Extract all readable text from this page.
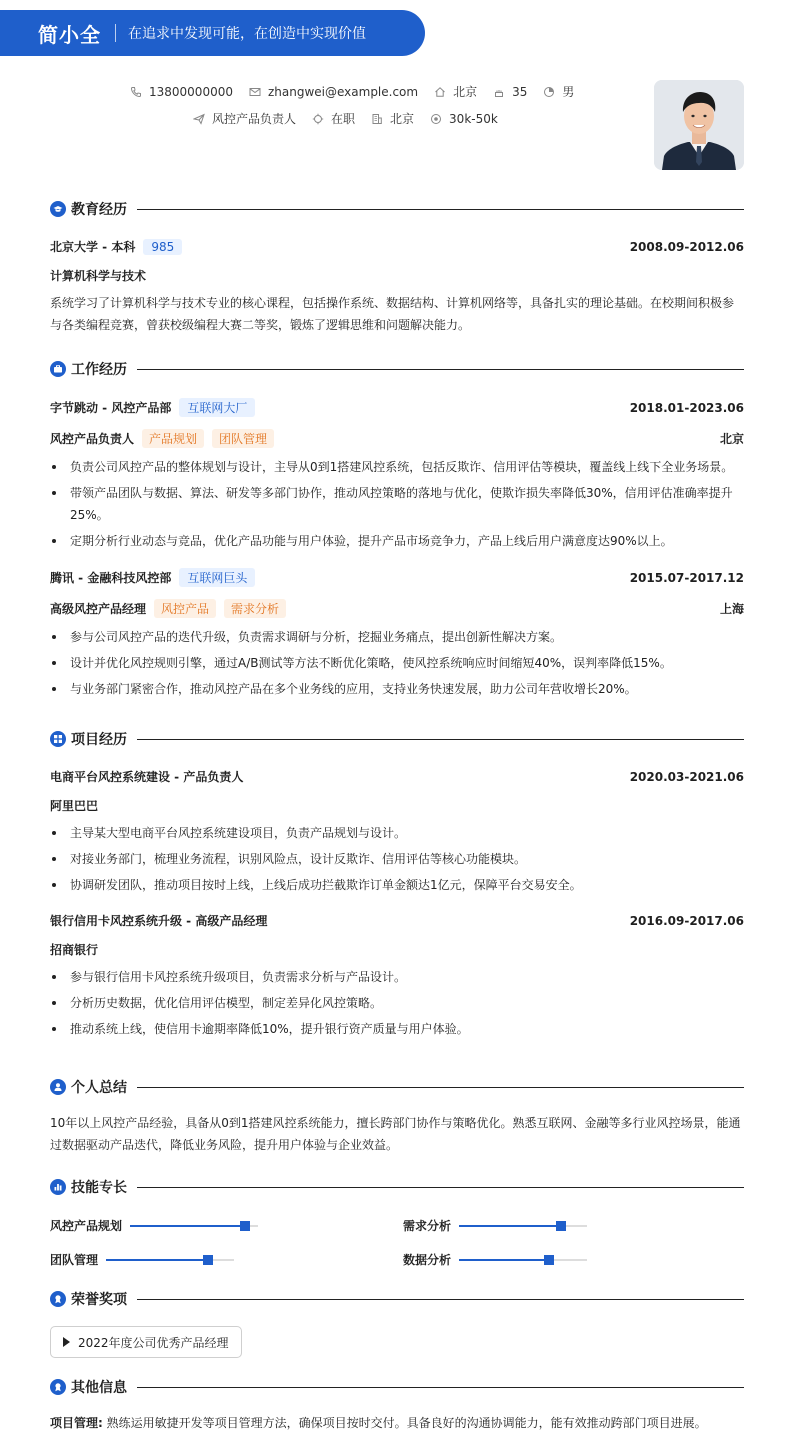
简小全 在追求中发现可能，在创造中实现价值
13800000000	zhangwei@example.com	北京	35	男
风控产品负责人	在职	北京	30k-50k
教育经历
北京大学 - 本科	985	2008.09-2012.06
计算机科学与技术
系统学习了计算机科学与技术专业的核心课程，包括操作系统、数据结构、计算机网络等，具备扎实的理论基础。在校期间积极参与各类编程竞赛，曾获校级编程大赛二等奖，锻炼了逻辑思维和问题解决能力。
工作经历
字节跳动 - 风控产品部	互联网大厂	2018.01-2023.06
风控产品负责人	产品规划	团队管理	北京
负责公司风控产品的整体规划与设计，主导从0到1搭建风控系统，包括反欺诈、信用评估等模块，覆盖线上线下全业务场景。
带领产品团队与数据、算法、研发等多部门协作，推动风控策略的落地与优化，使欺诈损失率降低30%，信用评估准确率提升25%。
定期分析行业动态与竞品，优化产品功能与用户体验，提升产品市场竞争力，产品上线后用户满意度达90%以上。
腾讯 - 金融科技风控部	互联网巨头	2015.07-2017.12
高级风控产品经理	风控产品	需求分析	上海
参与公司风控产品的迭代升级，负责需求调研与分析，挖掘业务痛点，提出创新性解决方案。
设计并优化风控规则引擎，通过A/B测试等方法不断优化策略，使风控系统响应时间缩短40%，误判率降低15%。
与业务部门紧密合作，推动风控产品在多个业务线的应用，支持业务快速发展，助力公司年营收增长20%。
项目经历
电商平台风控系统建设 - 产品负责人	2020.03-2021.06
阿里巴巴
主导某大型电商平台风控系统建设项目，负责产品规划与设计。
对接业务部门，梳理业务流程，识别风险点，设计反欺诈、信用评估等核心功能模块。
协调研发团队，推动项目按时上线，上线后成功拦截欺诈订单金额达1亿元，保障平台交易安全。
银行信用卡风控系统升级 - 高级产品经理	2016.09-2017.06
招商银行
参与银行信用卡风控系统升级项目，负责需求分析与产品设计。
分析历史数据，优化信用评估模型，制定差异化风控策略。
推动系统上线，使信用卡逾期率降低10%，提升银行资产质量与用户体验。
个人总结
10年以上风控产品经验，具备从0到1搭建风控系统能力，擅长跨部门协作与策略优化。熟悉互联网、金融等多行业风控场景，能通过数据驱动产品迭代，降低业务风险，提升用户体验与企业效益。
技能专长
风控产品规划	需求分析
团队管理	数据分析
荣誉奖项
2022年度公司优秀产品经理
其他信息
项目管理: 熟练运用敏捷开发等项目管理方法，确保项目按时交付。具备良好的沟通协调能力，能有效推动跨部门项目进展。
